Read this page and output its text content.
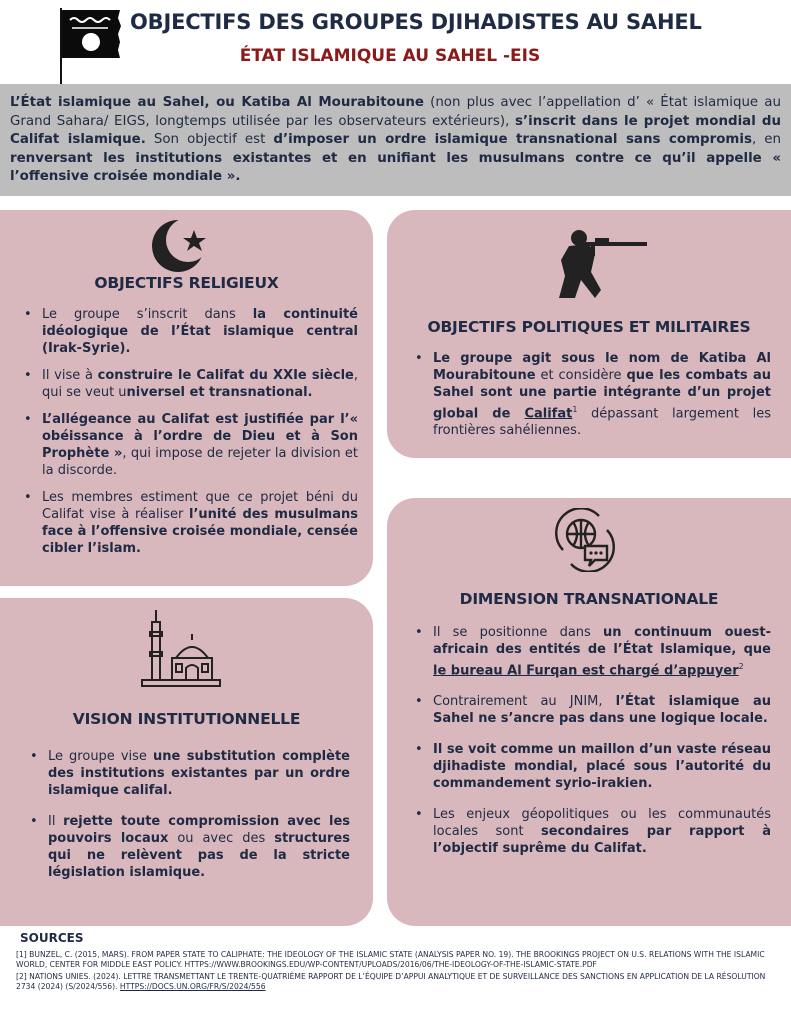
OBJECTIFS DES GROUPES DJIHADISTES AU SAHEL
ÉTAT ISLAMIQUE AU SAHEL -EIS
L’État islamique au Sahel, ou Katiba Al Mourabitoune (non plus avec l’appellation d’ « État islamique au Grand Sahara/ EIGS, longtemps utilisée par les observateurs extérieurs), s’inscrit dans le projet mondial du Califat islamique. Son objectif est d’imposer un ordre islamique transnational sans compromis, en renversant les institutions existantes et en unifiant les musulmans contre ce qu’il appelle « l’offensive croisée mondiale ».
OBJECTIFS RELIGIEUX
• Le groupe s’inscrit dans la continuité idéologique de l’État islamique central (Irak-Syrie).
• Il vise à construire le Califat du XXIe siècle, qui se veut universel et transnational.
• L’allégeance au Califat est justifiée par l’« obéissance à l’ordre de Dieu et à Son Prophète », qui impose de rejeter la division et la discorde.
• Les membres estiment que ce projet béni du Califat vise à réaliser l’unité des musulmans face à l’offensive croisée mondiale, censée cibler l’islam.
OBJECTIFS POLITIQUES ET MILITAIRES
• Le groupe agit sous le nom de Katiba Al Mourabitoune et considère que les combats au Sahel sont une partie intégrante d’un projet global de Califat$^1$ dépassant largement les frontières sahéliennes.
VISION INSTITUTIONNELLE
• Le groupe vise une substitution complète des institutions existantes par un ordre islamique califal.
• Il rejette toute compromission avec les pouvoirs locaux ou avec des structures qui ne relèvent pas de la stricte législation islamique.
DIMENSION TRANSNATIONALE
• Il se positionne dans un continuum ouest-africain des entités de l’État Islamique, que le bureau Al Furqan est chargé d’appuyer$^2$
• Contrairement au JNIM, l’État islamique au Sahel ne s’ancre pas dans une logique locale.
• Il se voit comme un maillon d’un vaste réseau djihadiste mondial, placé sous l’autorité du commandement syrio-irakien.
• Les enjeux géopolitiques ou les communautés locales sont secondaires par rapport à l’objectif suprême du Califat.
SOURCES
[1] BUNZEL, C. (2015, MARS). FROM PAPER STATE TO CALIPHATE: THE IDEOLOGY OF THE ISLAMIC STATE (ANALYSIS PAPER NO. 19). THE BROOKINGS PROJECT ON U.S. RELATIONS WITH THE ISLAMIC WORLD, CENTER FOR MIDDLE EAST POLICY. HTTPS://WWW.BROOKINGS.EDU/WP-CONTENT/UPLOADS/2016/06/THE-IDEOLOGY-OF-THE-ISLAMIC-STATE.PDF
[2] NATIONS UNIES. (2024). LETTRE TRANSMETTANT LE TRENTE-QUATRIÈME RAPPORT DE L’ÉQUIPE D’APPUI ANALYTIQUE ET DE SURVEILLANCE DES SANCTIONS EN APPLICATION DE LA RÉSOLUTION 2734 (2024) (S/2024/556). HTTPS://DOCS.UN.ORG/FR/S/2024/556
